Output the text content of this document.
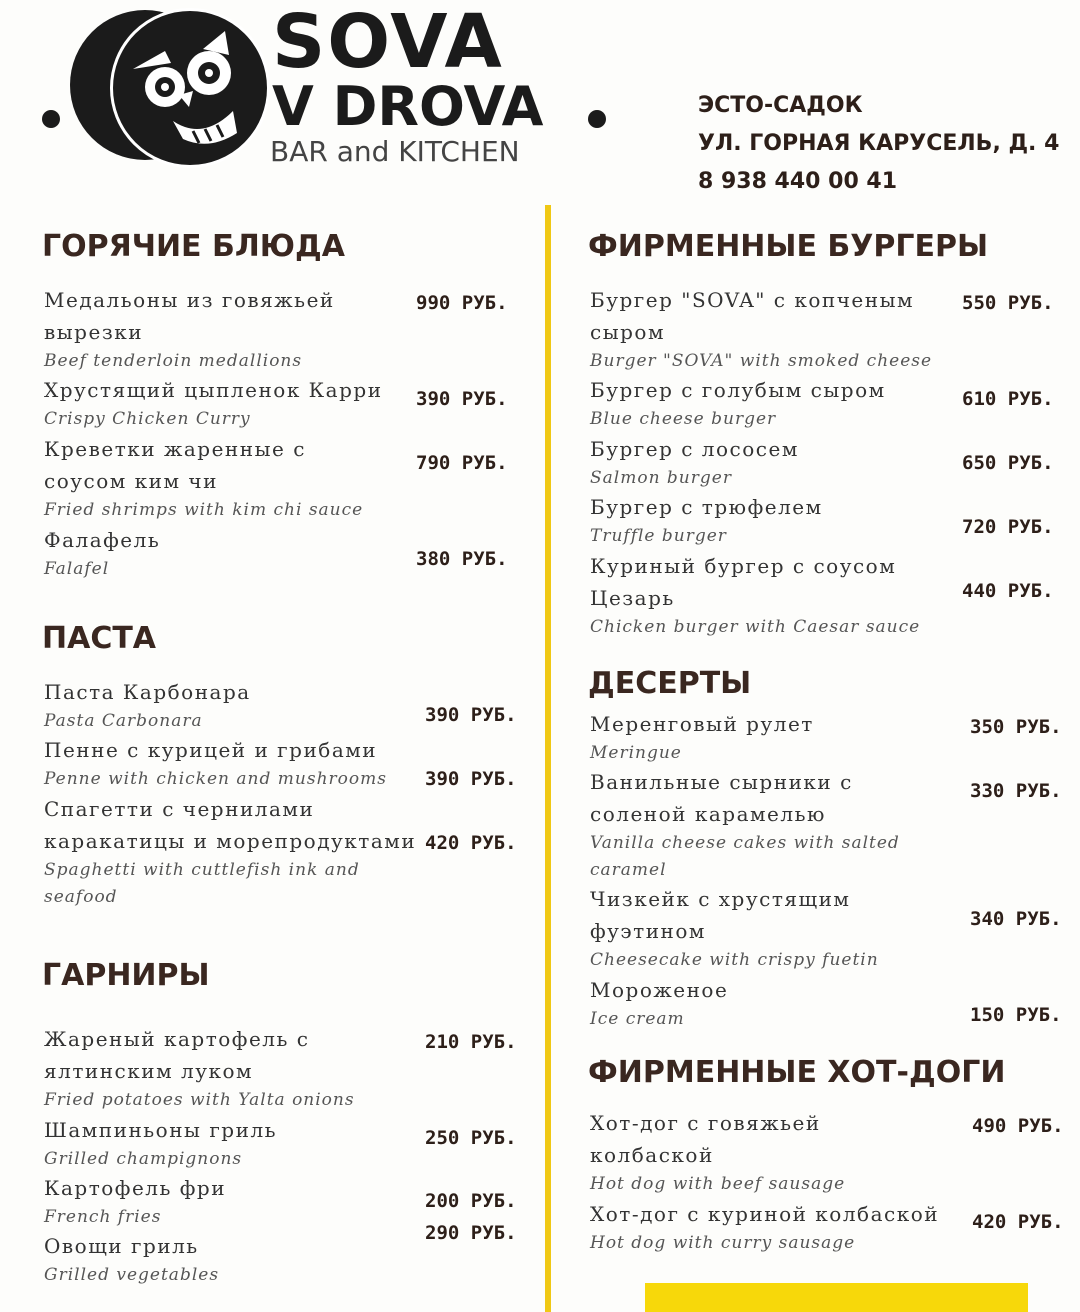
SOVA
V DROVA
BAR and KITCHEN
ЭСТО-САДОК
УЛ. ГОРНАЯ КАРУСЕЛЬ, Д. 4
8 938 440 00 41
ГОРЯЧИЕ БЛЮДА
Медальоны из говяжьей
вырезки
Beef tenderloin medallions
990 РУБ.
Хрустящий цыпленок Карри
Crispy Chicken Curry
390 РУБ.
Креветки жаренные с
соусом ким чи
Fried shrimps with kim chi sauce
790 РУБ.
Фалафель
Falafel	380 РУБ.
ПАСТА
Паста Карбонара
Pasta Carbonara	390 РУБ.
Пенне с курицей и грибами
Penne with chicken and mushrooms 390 РУБ.
Спагетти с чернилами
каракатицы и морепродуктами
Spaghetti with cuttlefish ink and
seafood
420 РУБ.
ГАРНИРЫ
Жареный картофель с
ялтинским луком
Fried potatoes with Yalta onions
210 РУБ.
Шампиньоны гриль
Grilled champignons
250 РУБ.
Картофель фри
French fries
200 РУБ.
Овощи гриль
Grilled vegetables
290 РУБ.
ФИРМЕННЫЕ БУРГЕРЫ
Бургер "SOVA" с копченым
сыром
Burger "SOVA" with smoked cheese
550 РУБ.
Бургер с голубым сыром
Blue cheese burger
610 РУБ.
Бургер с лососем
Salmon burger
650 РУБ.
Бургер с трюфелем
Truffle burger	720 РУБ.
Куриный бургер с соусом
Цезарь
Chicken burger with Caesar sauce
440 РУБ.
ДЕСЕРТЫ
Меренговый рулет
Meringue
350 РУБ.
Ванильные сырники с
соленой карамелью
Vanilla cheese cakes with salted
caramel
330 РУБ.
Чизкейк с хрустящим
фуэтином
Cheesecake with crispy fuetin
340 РУБ.
Мороженое
Ice cream	150 РУБ.
ФИРМЕННЫЕ ХОТ-ДОГИ
Хот-дог с говяжьей
колбаской
Hot dog with beef sausage
490 РУБ.
Хот-дог с куриной колбаской
Hot dog with curry sausage
420 РУБ.
